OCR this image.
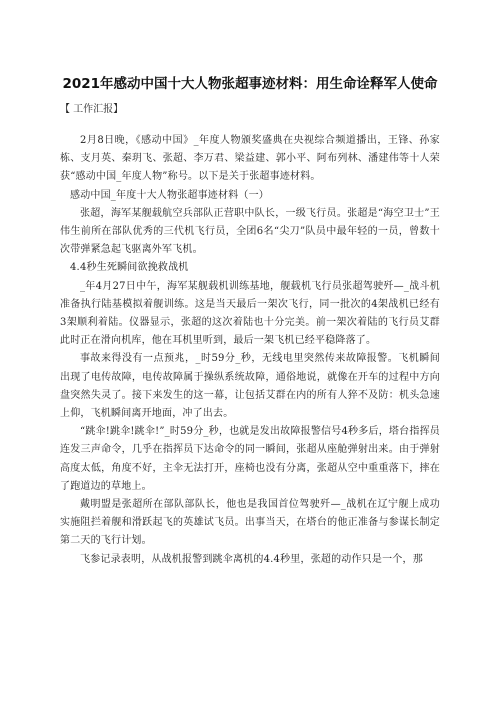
2021年感动中国十大人物张超事迹材料：用生命诠释军人使命

【 工作汇报】

2月8日晚，《感动中国》_年度人物颁奖盛典在央视综合频道播出，王锋、孙家栋、支月英、秦玥飞、张超、李万君、梁益建、郭小平、阿布列林、潘建伟等十人荣获“感动中国_年度人物”称号。以下是关于张超事迹材料。

感动中国_年度十大人物张超事迹材料（一）

张超，海军某舰载航空兵部队正营职中队长，一级飞行员。张超是“海空卫士”王伟生前所在部队优秀的三代机飞行员，全团6名“尖刀”队员中最年轻的一员，曾数十次带弹紧急起飞驱离外军飞机。

4.4秒生死瞬间欲挽救战机

_年4月27日中午，海军某舰载机训练基地，舰载机飞行员张超驾驶歼—_战斗机准备执行陆基模拟着舰训练。这是当天最后一架次飞行，同一批次的4架战机已经有3架顺利着陆。仪器显示，张超的这次着陆也十分完美。前一架次着陆的飞行员艾群此时正在滑向机库，他在耳机里听到，最后一架飞机已经平稳降落了。

事故来得没有一点预兆，_时59分_秒，无线电里突然传来故障报警。飞机瞬间出现了电传故障，电传故障属于操纵系统故障，通俗地说，就像在开车的过程中方向盘突然失灵了。接下来发生的这一幕，让包括艾群在内的所有人猝不及防：机头急速上仰，飞机瞬间离开地面，冲了出去。

“跳伞!跳伞!跳伞!”_时59分_秒，也就是发出故障报警信号4秒多后，塔台指挥员连发三声命令，几乎在指挥员下达命令的同一瞬间，张超从座舱弹射出来。由于弹射高度太低，角度不好，主伞无法打开，座椅也没有分离，张超从空中重重落下，摔在了跑道边的草地上。

戴明盟是张超所在部队部队长，他也是我国首位驾驶歼—_战机在辽宁舰上成功实施阻拦着舰和滑跃起飞的英雄试飞员。出事当天，在塔台的他正准备与参谋长制定第二天的飞行计划。

飞参记录表明，从战机报警到跳伞离机的4.4秒里，张超的动作只是一个，那
